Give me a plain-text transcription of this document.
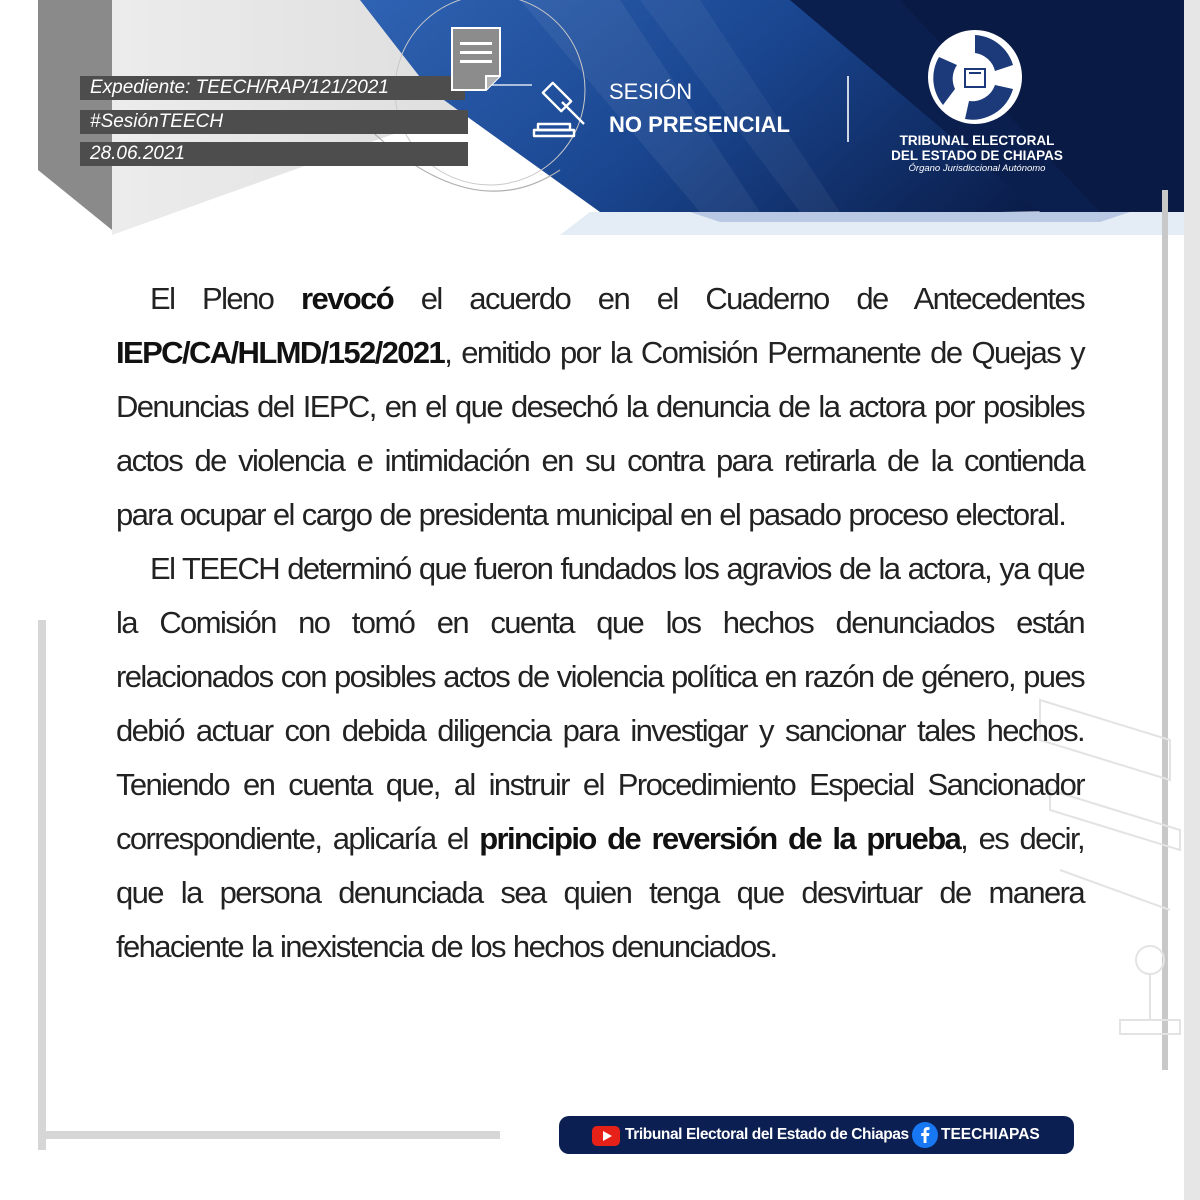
Expediente: TEECH/RAP/121/2021
#SesiónTEECH
28.06.2021
SESIÓN
NO PRESENCIAL
TRIBUNAL ELECTORAL
DEL ESTADO DE CHIAPAS
Órgano Jurisdiccional Autónomo

El Pleno revocó el acuerdo en el Cuaderno de Antecedentes IEPC/CA/HLMD/152/2021, emitido por la Comisión Permanente de Quejas y Denuncias del IEPC, en el que desechó la denuncia de la actora por posibles actos de violencia e intimidación en su contra para retirarla de la contienda para ocupar el cargo de presidenta municipal en el pasado proceso electoral.

El TEECH determinó que fueron fundados los agravios de la actora, ya que la Comisión no tomó en cuenta que los hechos denunciados están relacionados con posibles actos de violencia política en razón de género, pues debió actuar con debida diligencia para investigar y sancionar tales hechos. Teniendo en cuenta que, al instruir el Procedimiento Especial Sancionador correspondiente, aplicaría el principio de reversión de la prueba, es decir, que la persona denunciada sea quien tenga que desvirtuar de manera fehaciente la inexistencia de los hechos denunciados.

Tribunal Electoral del Estado de Chiapas TEECHIAPAS
